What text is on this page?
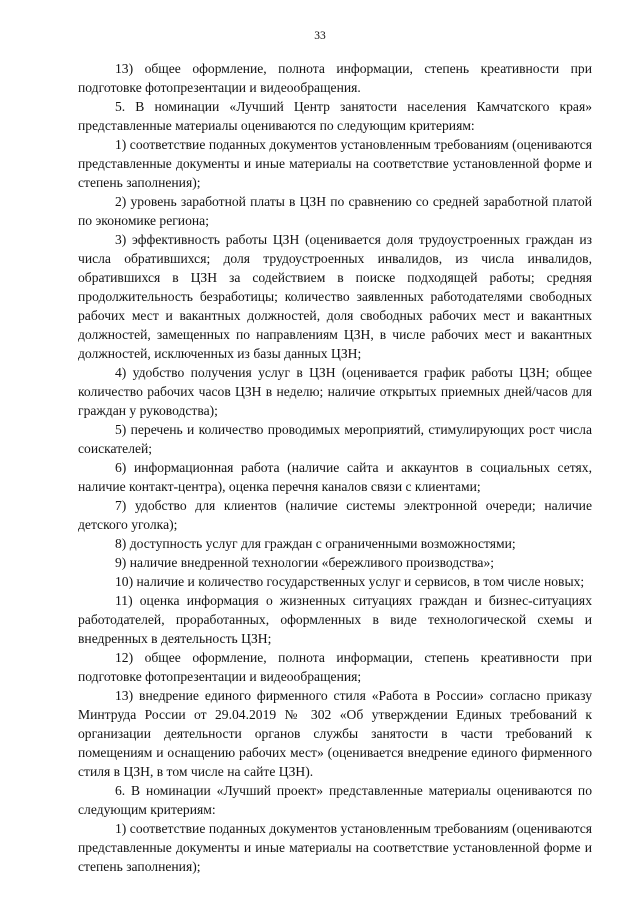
33

13) общее оформление, полнота информации, степень креативности при подготовке фотопрезентации и видеообращения.

5. В номинации «Лучший Центр занятости населения Камчатского края» представленные материалы оцениваются по следующим критериям:

1) соответствие поданных документов установленным требованиям (оцениваются представленные документы и иные материалы на соответствие установленной форме и степень заполнения);

2) уровень заработной платы в ЦЗН по сравнению со средней заработной платой по экономике региона;

3) эффективность работы ЦЗН (оценивается доля трудоустроенных граждан из числа обратившихся; доля трудоустроенных инвалидов, из числа инвалидов, обратившихся в ЦЗН за содействием в поиске подходящей работы; средняя продолжительность безработицы; количество заявленных работодателями свободных рабочих мест и вакантных должностей, доля свободных рабочих мест и вакантных должностей, замещенных по направлениям ЦЗН, в числе рабочих мест и вакантных должностей, исключенных из базы данных ЦЗН;

4) удобство получения услуг в ЦЗН (оценивается график работы ЦЗН; общее количество рабочих часов ЦЗН в неделю; наличие открытых приемных дней/часов для граждан у руководства);

5) перечень и количество проводимых мероприятий, стимулирующих рост числа соискателей;

6) информационная работа (наличие сайта и аккаунтов в социальных сетях, наличие контакт-центра), оценка перечня каналов связи с клиентами;

7) удобство для клиентов (наличие системы электронной очереди; наличие детского уголка);

8) доступность услуг для граждан с ограниченными возможностями;

9) наличие внедренной технологии «бережливого производства»;

10) наличие и количество государственных услуг и сервисов, в том числе новых;

11) оценка информация о жизненных ситуациях граждан и бизнес-ситуациях работодателей, проработанных, оформленных в виде технологической схемы и внедренных в деятельность ЦЗН;

12) общее оформление, полнота информации, степень креативности при подготовке фотопрезентации и видеообращения;

13) внедрение единого фирменного стиля «Работа в России» согласно приказу Минтруда России от 29.04.2019 № 302 «Об утверждении Единых требований к организации деятельности органов службы занятости в части требований к помещениям и оснащению рабочих мест» (оценивается внедрение единого фирменного стиля в ЦЗН, в том числе на сайте ЦЗН).

6. В номинации «Лучший проект» представленные материалы оцениваются по следующим критериям:

1) соответствие поданных документов установленным требованиям (оцениваются представленные документы и иные материалы на соответствие установленной форме и степень заполнения);
